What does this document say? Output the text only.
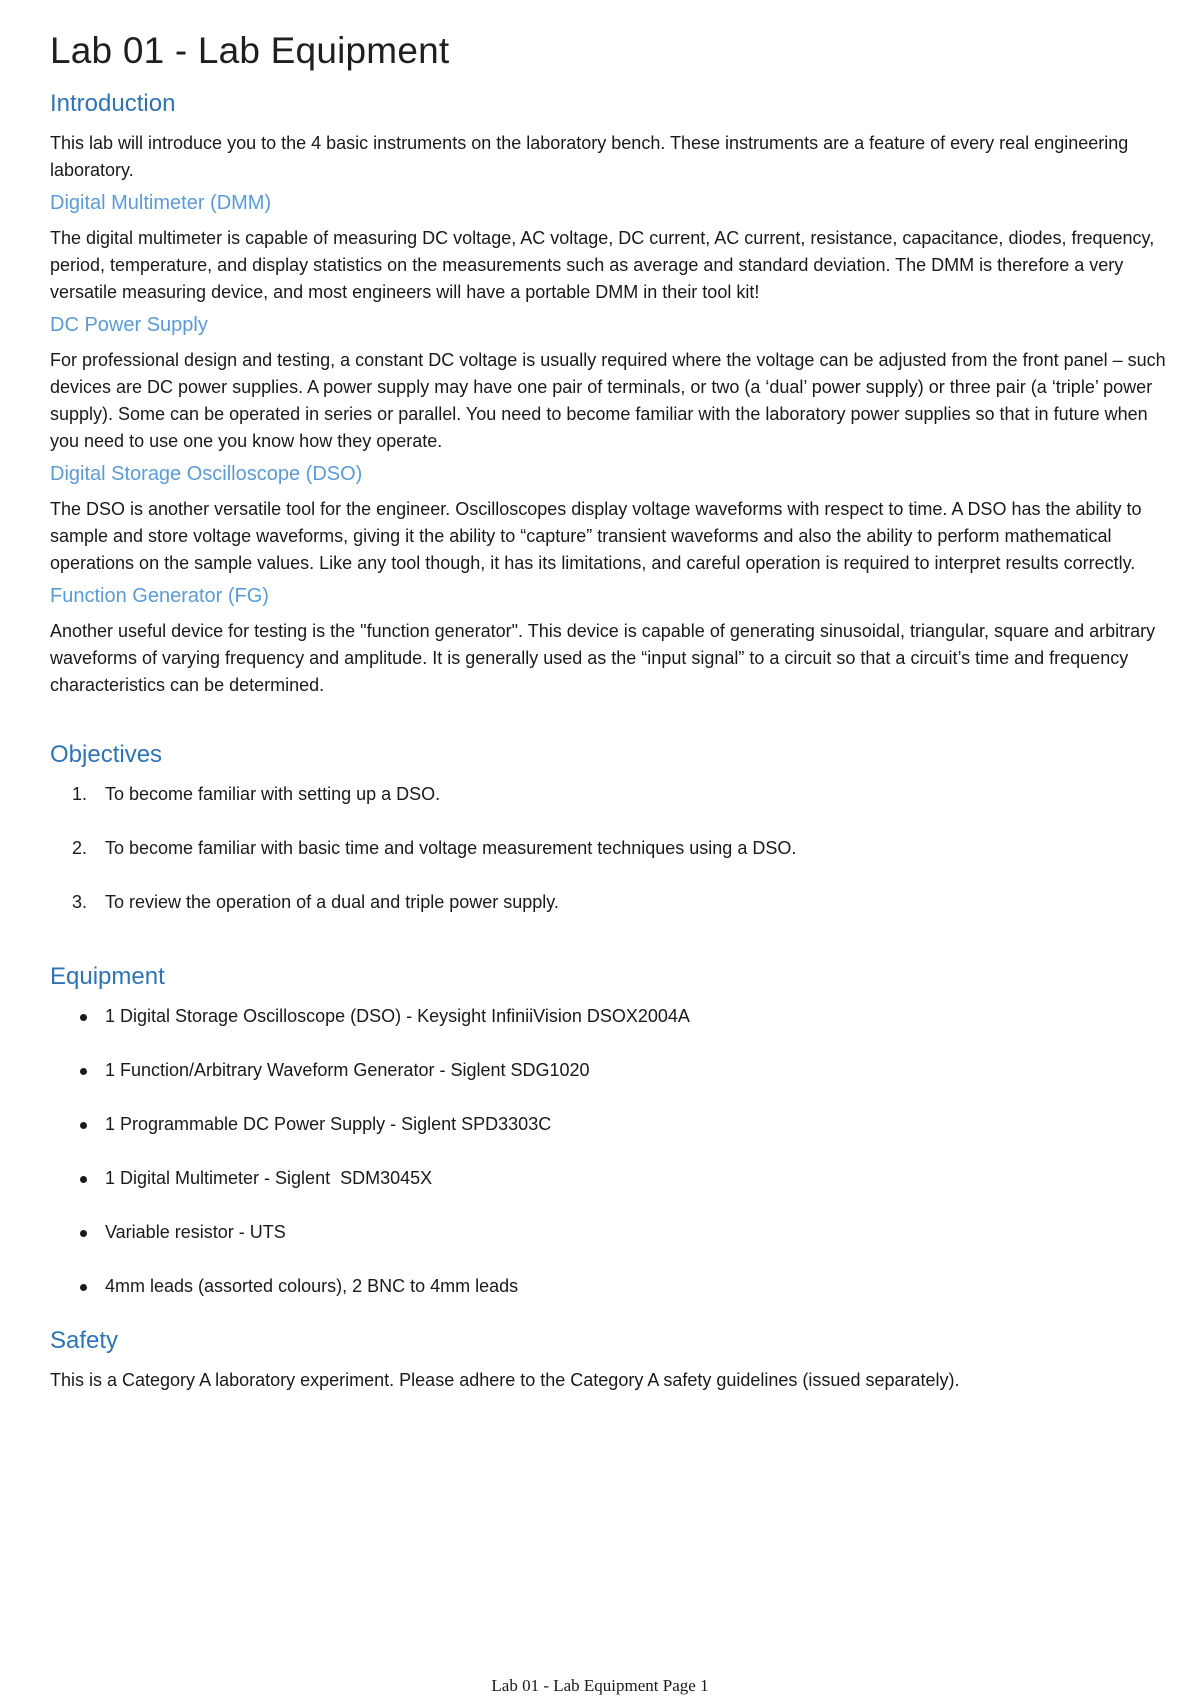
Lab 01 - Lab Equipment
Introduction

This lab will introduce you to the 4 basic instruments on the laboratory bench. These instruments are a feature of every real engineering laboratory.

Digital Multimeter (DMM)

The digital multimeter is capable of measuring DC voltage, AC voltage, DC current, AC current, resistance, capacitance, diodes, frequency, period, temperature, and display statistics on the measurements such as average and standard deviation. The DMM is therefore a very versatile measuring device, and most engineers will have a portable DMM in their tool kit!

DC Power Supply

For professional design and testing, a constant DC voltage is usually required where the voltage can be adjusted from the front panel – such devices are DC power supplies. A power supply may have one pair of terminals, or two (a ‘dual’ power supply) or three pair (a ‘triple’ power supply). Some can be operated in series or parallel. You need to become familiar with the laboratory power supplies so that in future when you need to use one you know how they operate.

Digital Storage Oscilloscope (DSO)

The DSO is another versatile tool for the engineer. Oscilloscopes display voltage waveforms with respect to time. A DSO has the ability to sample and store voltage waveforms, giving it the ability to “capture” transient waveforms and also the ability to perform mathematical operations on the sample values. Like any tool though, it has its limitations, and careful operation is required to interpret results correctly.

Function Generator (FG)

Another useful device for testing is the "function generator". This device is capable of generating sinusoidal, triangular, square and arbitrary waveforms of varying frequency and amplitude. It is generally used as the “input signal” to a circuit so that a circuit’s time and frequency characteristics can be determined.

Objectives
1. To become familiar with setting up a DSO.
2. To become familiar with basic time and voltage measurement techniques using a DSO.
3. To review the operation of a dual and triple power supply.
Equipment
1 Digital Storage Oscilloscope (DSO) - Keysight InfiniiVision DSOX2004A
1 Function/Arbitrary Waveform Generator - Siglent SDG1020
1 Programmable DC Power Supply - Siglent SPD3303C
1 Digital Multimeter - Siglent  SDM3045X
Variable resistor - UTS
4mm leads (assorted colours), 2 BNC to 4mm leads
Safety

This is a Category A laboratory experiment. Please adhere to the Category A safety guidelines (issued separately).

Lab 01 - Lab Equipment Page 1
